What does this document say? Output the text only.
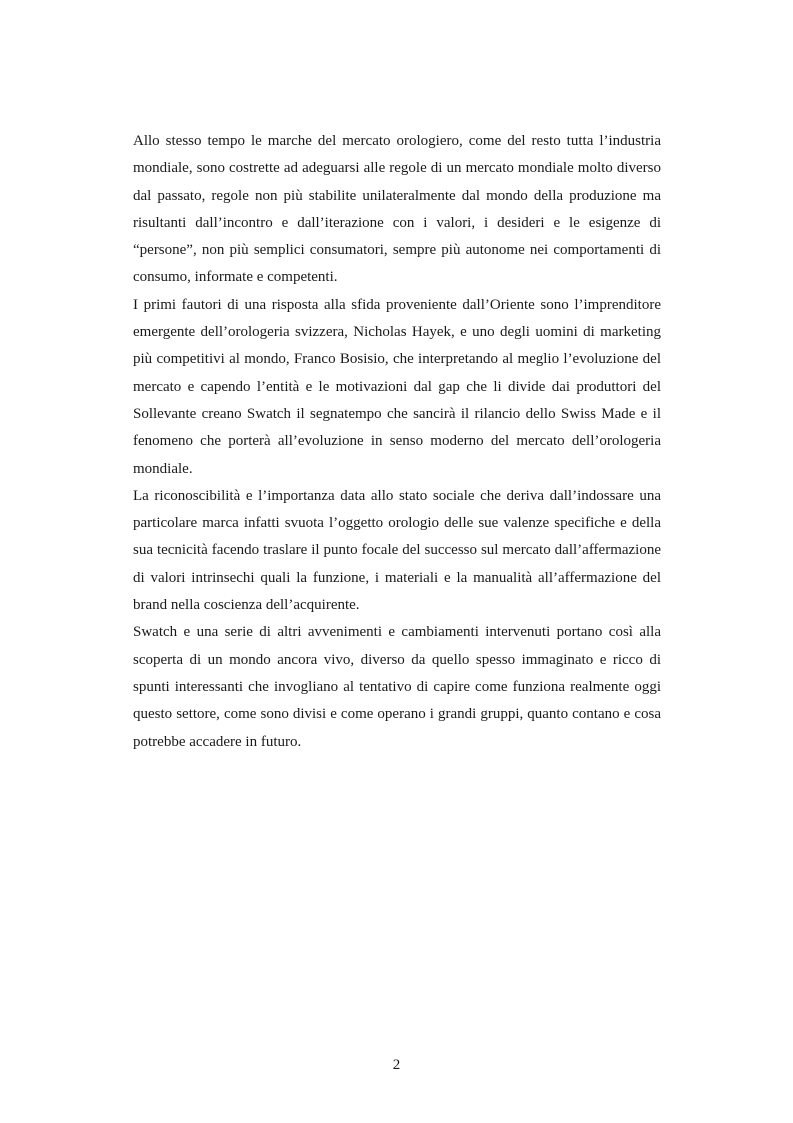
Allo stesso tempo le marche del mercato orologiero, come del resto tutta l’industria mondiale, sono costrette ad adeguarsi alle regole di un mercato mondiale molto diverso dal passato, regole non più stabilite unilateralmente dal mondo della produzione ma risultanti dall’incontro e dall’iterazione con i valori, i desideri e le esigenze di “persone”, non più semplici consumatori, sempre più autonome nei comportamenti di consumo, informate e competenti.

I primi fautori di una risposta alla sfida proveniente dall’Oriente sono l’imprenditore emergente dell’orologeria svizzera, Nicholas Hayek, e uno degli uomini di marketing più competitivi al mondo, Franco Bosisio, che interpretando al meglio l’evoluzione del mercato e capendo l’entità e le motivazioni dal gap che li divide dai produttori del Sollevante creano Swatch il segnatempo che sancirà il rilancio dello Swiss Made e il fenomeno che porterà all’evoluzione in senso moderno del mercato dell’orologeria mondiale.

La riconoscibilità e l’importanza data allo stato sociale che deriva dall’indossare una particolare marca infatti svuota l’oggetto orologio delle sue valenze specifiche e della sua tecnicità facendo traslare il punto focale del successo sul mercato dall’affermazione di valori intrinsechi quali la funzione, i materiali e la manualità all’affermazione del brand nella coscienza dell’acquirente.

Swatch e una serie di altri avvenimenti e cambiamenti intervenuti portano così alla scoperta di un mondo ancora vivo, diverso da quello spesso immaginato e ricco di spunti interessanti che invogliano al tentativo di capire come funziona realmente oggi questo settore, come sono divisi e come operano i grandi gruppi, quanto contano e cosa potrebbe accadere in futuro.

2
